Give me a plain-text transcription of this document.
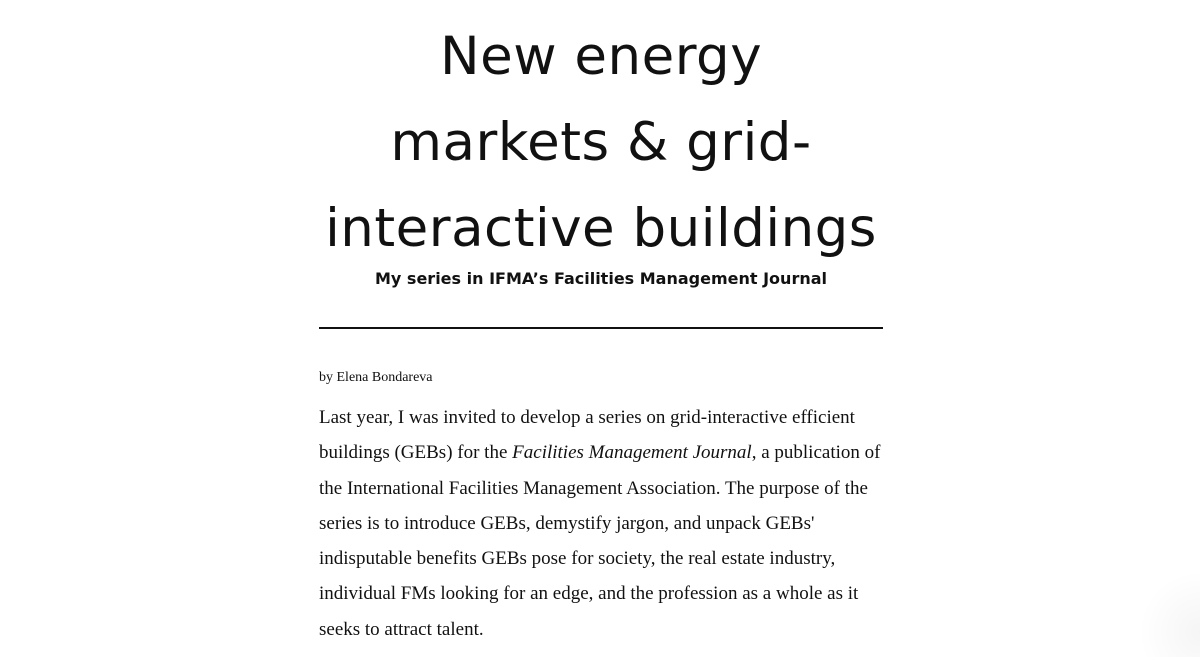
New energy
markets & grid-
interactive buildings
My series in IFMA’s Facilities Management Journal

by Elena Bondareva

Last year, I was invited to develop a series on grid-interactive efficient buildings (GEBs) for the Facilities Management Journal, a publication of the International Facilities Management Association. The purpose of the series is to introduce GEBs, demystify jargon, and unpack GEBs' indisputable benefits GEBs pose for society, the real estate industry, individual FMs looking for an edge, and the profession as a whole as it seeks to attract talent.
